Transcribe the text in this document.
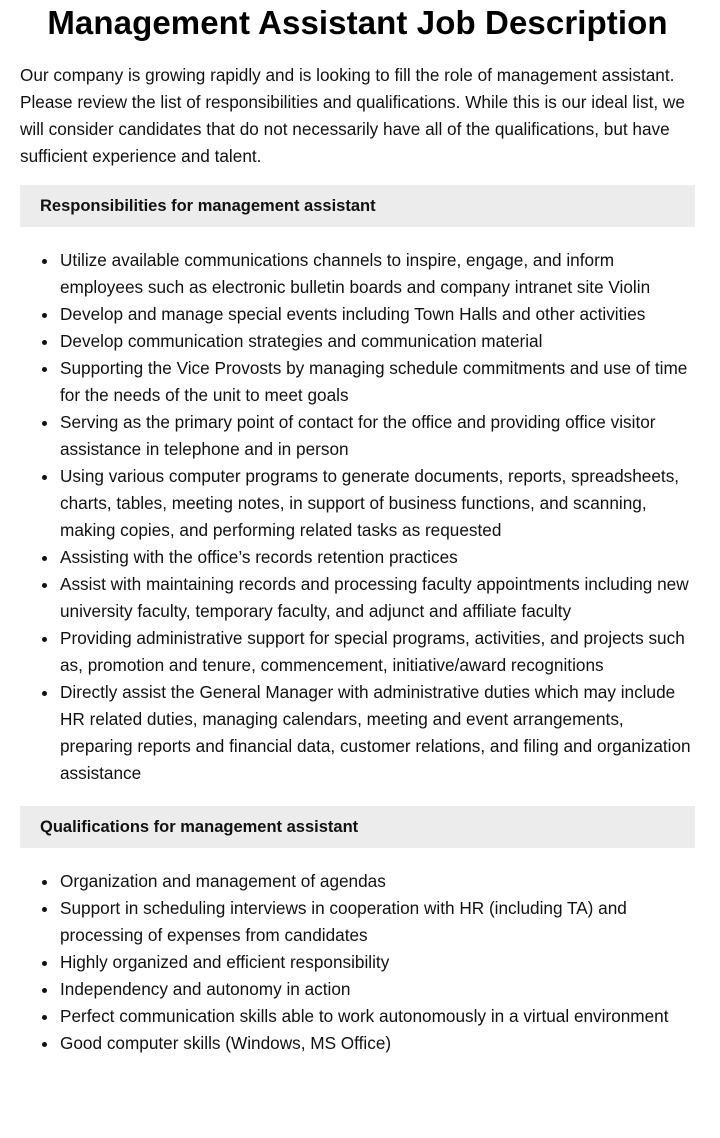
Management Assistant Job Description

Our company is growing rapidly and is looking to fill the role of management assistant. Please review the list of responsibilities and qualifications. While this is our ideal list, we will consider candidates that do not necessarily have all of the qualifications, but have sufficient experience and talent.

Responsibilities for management assistant
Utilize available communications channels to inspire, engage, and inform employees such as electronic bulletin boards and company intranet site Violin
Develop and manage special events including Town Halls and other activities
Develop communication strategies and communication material
Supporting the Vice Provosts by managing schedule commitments and use of time for the needs of the unit to meet goals
Serving as the primary point of contact for the office and providing office visitor assistance in telephone and in person
Using various computer programs to generate documents, reports, spreadsheets, charts, tables, meeting notes, in support of business functions, and scanning, making copies, and performing related tasks as requested
Assisting with the office’s records retention practices
Assist with maintaining records and processing faculty appointments including new university faculty, temporary faculty, and adjunct and affiliate faculty
Providing administrative support for special programs, activities, and projects such as, promotion and tenure, commencement, initiative/award recognitions
Directly assist the General Manager with administrative duties which may include HR related duties, managing calendars, meeting and event arrangements, preparing reports and financial data, customer relations, and filing and organization assistance
Qualifications for management assistant
Organization and management of agendas
Support in scheduling interviews in cooperation with HR (including TA) and processing of expenses from candidates
Highly organized and efficient responsibility
Independency and autonomy in action
Perfect communication skills able to work autonomously in a virtual environment
Good computer skills (Windows, MS Office)
